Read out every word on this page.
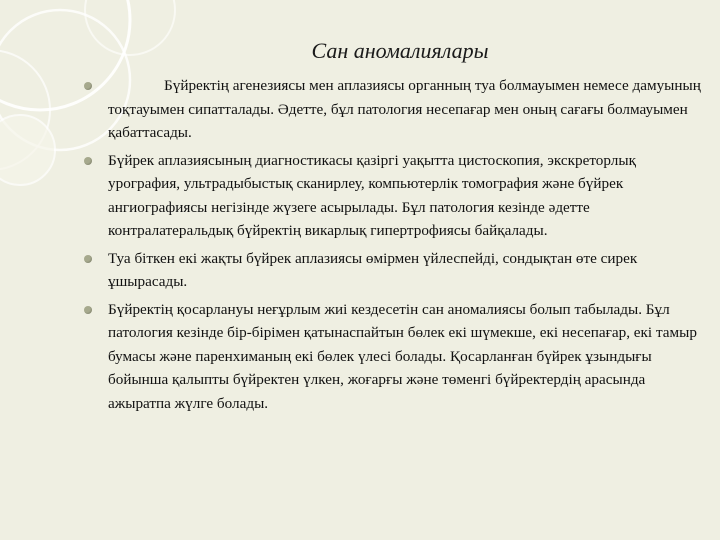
Сан аномалиялары
Бүйректің агенезиясы мен аплазиясы органның туа болмауымен немесе дамуының тоқтауымен сипатталады. Әдетте, бұл патология несепағар мен оның сағағы болмауымен қабаттасады.
Бүйрек аплазиясының диагностикасы қазіргі уақытта цистоскопия, экскреторлық урография, ультрадыбыстық сканирлеу, компьютерлік томография және бүйрек ангиографиясы негізінде жүзеге асырылады. Бұл патология кезінде әдетте контралатеральдық бүйректің викарлық гипертрофиясы байқалады.
Туа біткен екі жақты бүйрек аплазиясы өмірмен үйлеспейді, сондықтан өте сирек ұшырасады.
Бүйректің қосарлануы неғұрлым жиі кездесетін сан аномалиясы болып табылады. Бұл патология кезінде бір-бірімен қатынаспайтын бөлек екі шүмекше, екі несепағар, екі тамыр бумасы және паренхиманың екі бөлек үлесі болады. Қосарланған бүйрек ұзындығы бойынша қалыпты бүйректен үлкен, жоғарғы және төменгі бүйректердің арасында ажыратпа жүлге болады.
